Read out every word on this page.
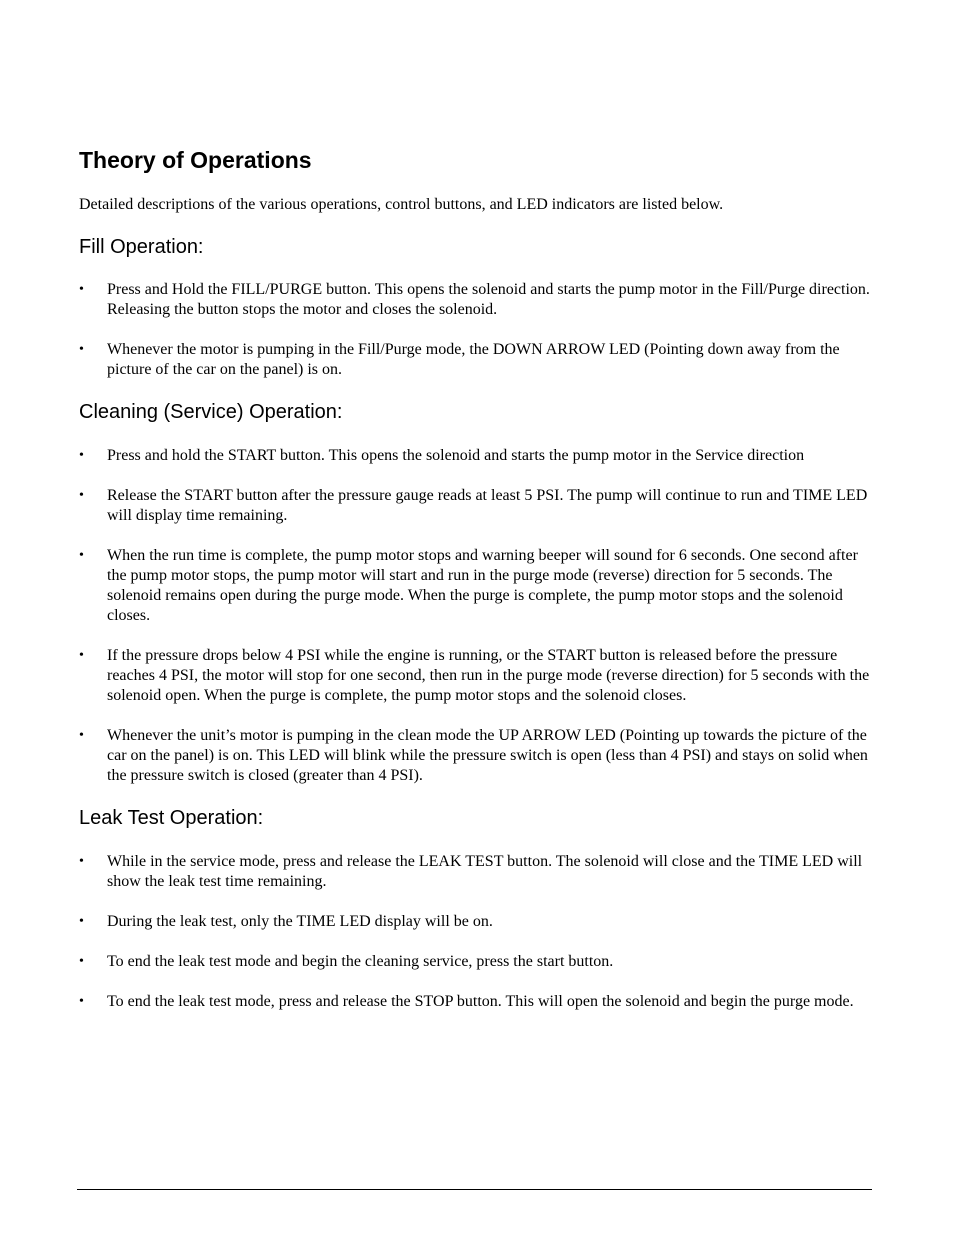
Theory of Operations

Detailed descriptions of the various operations, control buttons, and LED indicators are listed below.

Fill Operation:
• Press and Hold the FILL/PURGE button. This opens the solenoid and starts the pump motor in the Fill/Purge direction. Releasing the button stops the motor and closes the solenoid.
• Whenever the motor is pumping in the Fill/Purge mode, the DOWN ARROW LED (Pointing down away from the picture of the car on the panel) is on.
Cleaning (Service) Operation:
• Press and hold the START button. This opens the solenoid and starts the pump motor in the Service direction
• Release the START button after the pressure gauge reads at least 5 PSI. The pump will continue to run and TIME LED will display time remaining.
• When the run time is complete, the pump motor stops and warning beeper will sound for 6 seconds. One second after the pump motor stops, the pump motor will start and run in the purge mode (reverse) direction for 5 seconds. The solenoid remains open during the purge mode. When the purge is complete, the pump motor stops and the solenoid closes.
• If the pressure drops below 4 PSI while the engine is running, or the START button is released before the pressure reaches 4 PSI, the motor will stop for one second, then run in the purge mode (reverse direction) for 5 seconds with the solenoid open. When the purge is complete, the pump motor stops and the solenoid closes.
• Whenever the unit’s motor is pumping in the clean mode the UP ARROW LED (Pointing up towards the picture of the car on the panel) is on. This LED will blink while the pressure switch is open (less than 4 PSI) and stays on solid when the pressure switch is closed (greater than 4 PSI).
Leak Test Operation:
• While in the service mode, press and release the LEAK TEST button. The solenoid will close and the TIME LED will show the leak test time remaining.
• During the leak test, only the TIME LED display will be on.
• To end the leak test mode and begin the cleaning service, press the start button.
• To end the leak test mode, press and release the STOP button. This will open the solenoid and begin the purge mode.
